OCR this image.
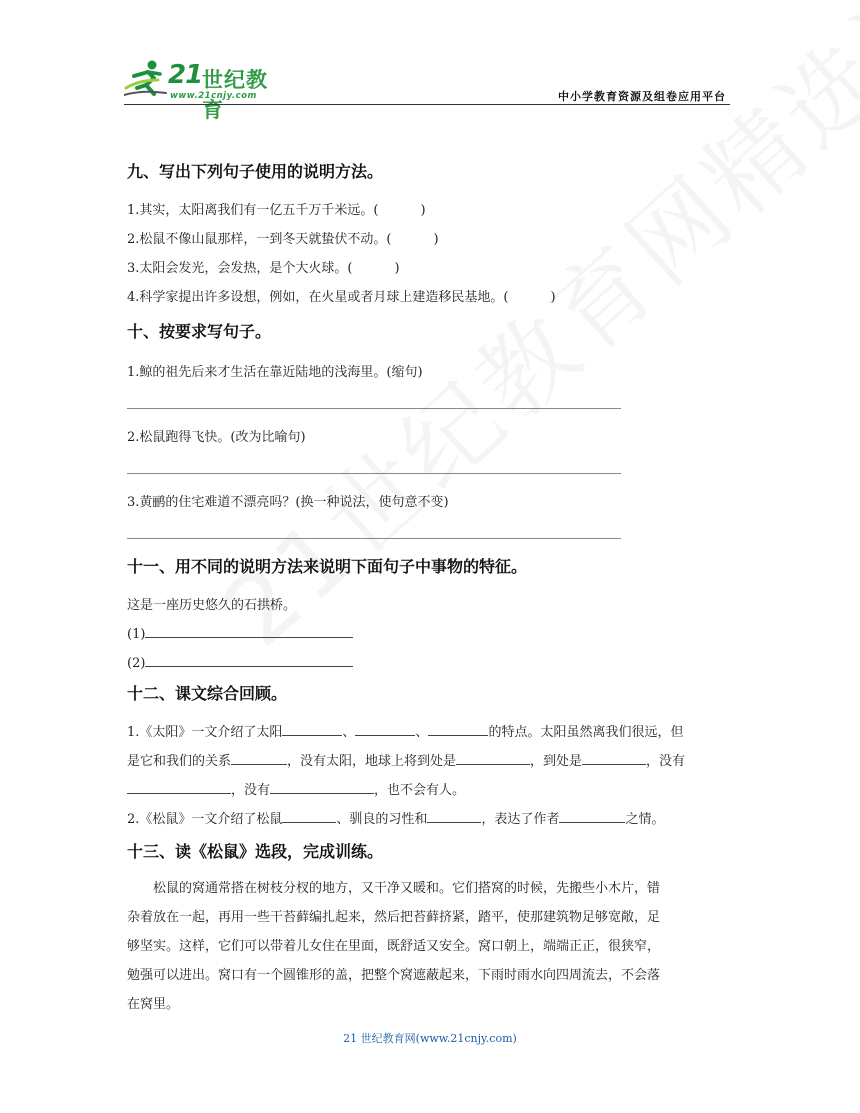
21 世纪教育
www.21cnjy.com	中小学教育资源及组卷应用平台
九、写出下列句子使用的说明方法。

1.其实，太阳离我们有一亿五千万千米远。(	)

2.松鼠不像山鼠那样，一到冬天就蛰伏不动。(	)

3.太阳会发光，会发热，是个大火球。(	)

4.科学家提出许多设想，例如，在火星或者月球上建造移民基地。(	)

十、按要求写句子。

1.鲸的祖先后来才生活在靠近陆地的浅海里。(缩句)

2.松鼠跑得飞快。(改为比喻句)

3.黄鹂的住宅难道不漂亮吗？(换一种说法，使句意不变)

十一、用不同的说明方法来说明下面句子中事物的特征。

这是一座历史悠久的石拱桥。

(1)

(2)

十二、课文综合回顾。

1.《太阳》一文介绍了太阳	、	、	的特点。太阳虽然离我们很远，但

是它和我们的关系	，没有太阳，地球上将到处是	，到处是	，没有

，没有	，也不会有人。

2.《松鼠》一文介绍了松鼠	、驯良的习性和	，表达了作者	之情。

十三、读《松鼠》选段，完成训练。

松鼠的窝通常搭在树枝分杈的地方，又干净又暖和。它们搭窝的时候，先搬些小木片，错

杂着放在一起，再用一些干苔藓编扎起来，然后把苔藓挤紧，踏平，使那建筑物足够宽敞，足

够坚实。这样，它们可以带着儿女住在里面，既舒适又安全。窝口朝上，端端正正，很狭窄，

勉强可以进出。窝口有一个圆锥形的盖，把整个窝遮蔽起来，下雨时雨水向四周流去，不会落

在窝里。

21 世纪教育网(www.21cnjy.com)
